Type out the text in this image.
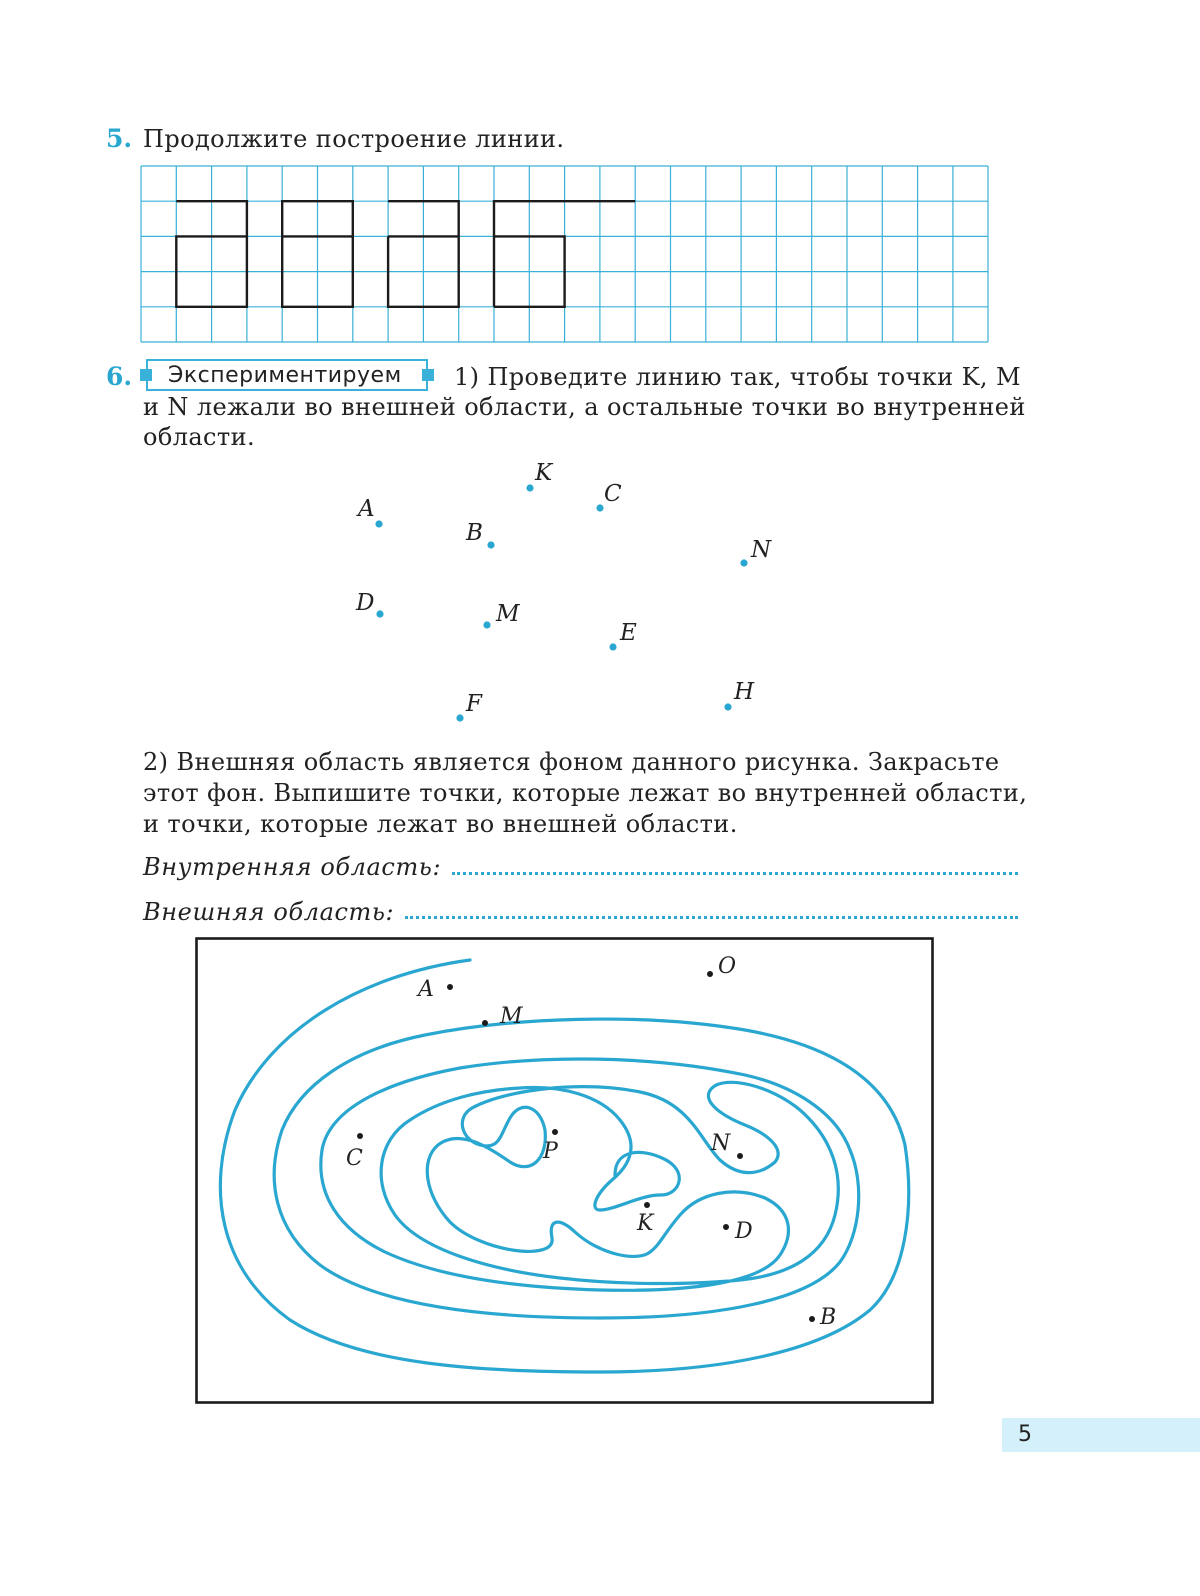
5. Продолжите построение линии.
6. Экспериментируем 1) Проведите линию так, чтобы точки K, M
и N лежали во внешней области, а остальные точки во внутренней
области.
A
K
C
B
N
D	M
E
F	H
2) Внешняя область является фоном данного рисунка. Закрасьте
этот фон. Выпишите точки, которые лежат во внутренней области,
и точки, которые лежат во внешней области.
Внутренняя область:
Внешняя область:
O
A
M
C	P	N
K	D
B
5
